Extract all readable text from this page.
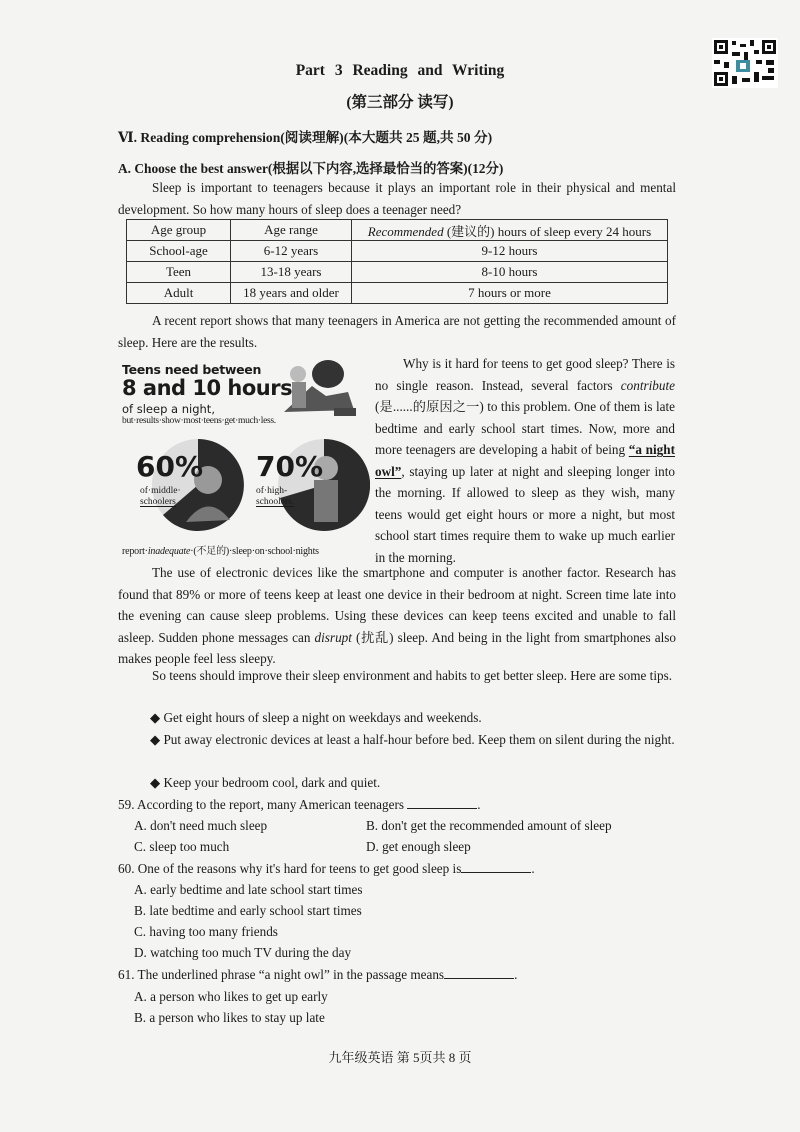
Part 3 Reading and Writing
(第三部分 读写)
Ⅵ. Reading comprehension(阅读理解)(本大题共 25 题,共 50 分)
A. Choose the best answer(根据以下内容,选择最恰当的答案)(12分)
Sleep is important to teenagers because it plays an important role in their physical and mental development. So how many hours of sleep does a teenager need?
Age group	Age range	Recommended (建议的) hours of sleep every 24 hours
School-age	6-12 years	9-12 hours
Teen	13-18 years	8-10 hours
Adult	18 years and older	7 hours or more
A recent report shows that many teenagers in America are not getting the recommended amount of sleep. Here are the results.
Teens need between
8 and 10 hours
of sleep a night,
but·results·show·most·teens·get·much·less.
60%
of·middle·
schoolers
70%
of·high-
schoolers.
report·inadequate·(不足的)·sleep·on·school·nights
Why is it hard for teens to get good sleep? There is no single reason. Instead, several factors contribute (是......的原因之一) to this problem. One of them is late bedtime and early school start times. Now, more and more teenagers are developing a habit of being “a night owl”, staying up later at night and sleeping longer into the morning. If allowed to sleep as they wish, many teens would get eight hours or more a night, but most school start times require them to wake up much earlier in the morning.
The use of electronic devices like the smartphone and computer is another factor. Research has found that 89% or more of teens keep at least one device in their bedroom at night. Screen time late into the evening can cause sleep problems. Using these devices can keep teens excited and unable to fall asleep. Sudden phone messages can disrupt (扰乱) sleep. And being in the light from smartphones also makes people feel less sleepy.
So teens should improve their sleep environment and habits to get better sleep. Here are some tips.
◆ Get eight hours of sleep a night on weekdays and weekends.
◆ Put away electronic devices at least a half-hour before bed. Keep them on silent during the night.
◆ Keep your bedroom cool, dark and quiet.
59. According to the report, many American teenagers	.
A. don't need much sleep	B. don't get the recommended amount of sleep
C. sleep too much	D. get enough sleep
60. One of the reasons why it's hard for teens to get good sleep is	.
A. early bedtime and late school start times
B. late bedtime and early school start times
C. having too many friends
D. watching too much TV during the day
61. The underlined phrase “a night owl” in the passage means	.
A. a person who likes to get up early
B. a person who likes to stay up late
九年级英语 第 5页共 8 页
